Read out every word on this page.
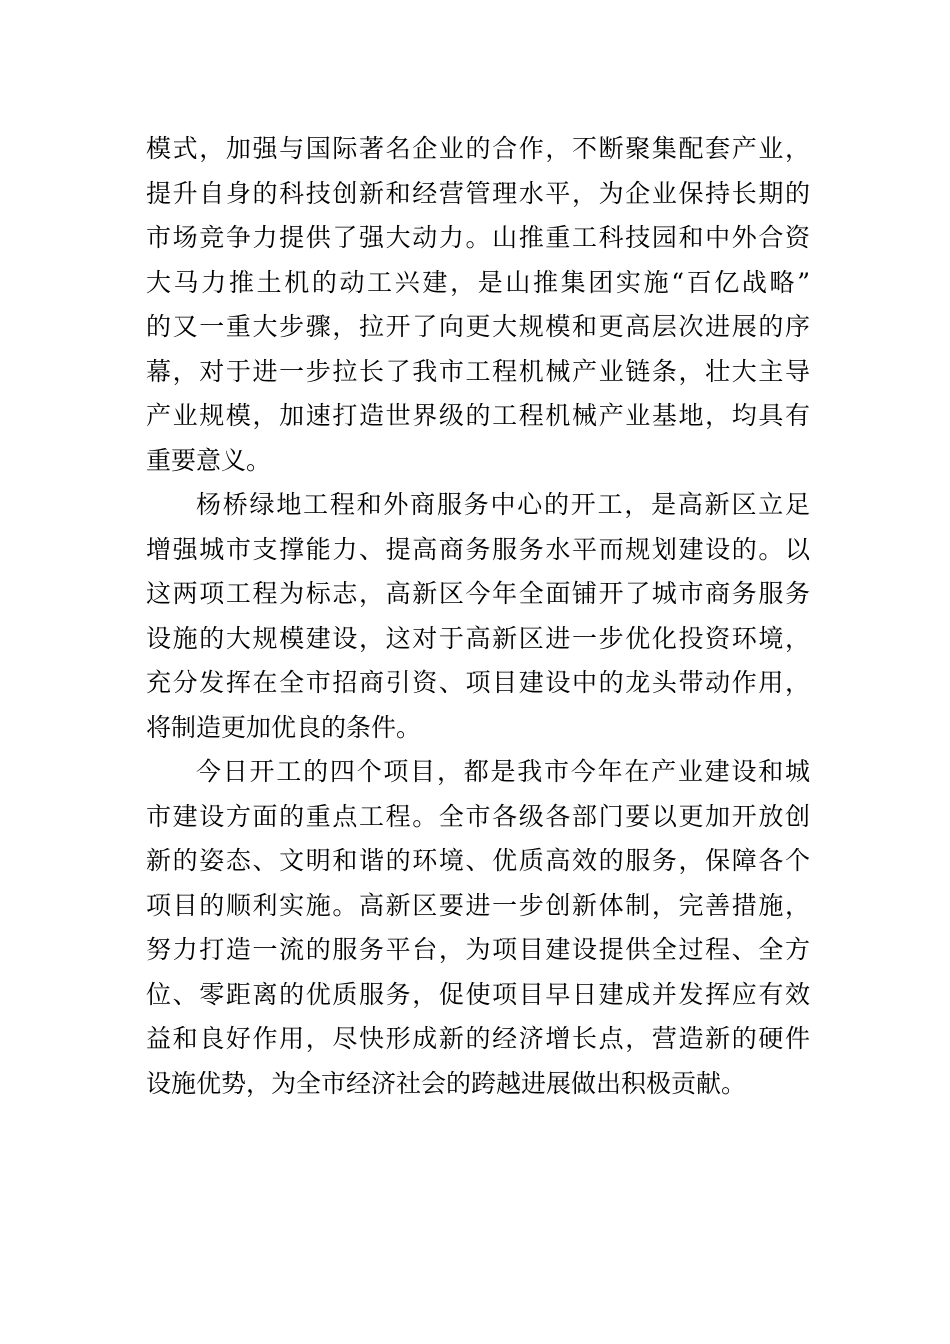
模式，加强与国际著名企业的合作，不断聚集配套产业，
提升自身的科技创新和经营管理水平，为企业保持长期的
市场竞争力提供了强大动力。山推重工科技园和中外合资
大马力推土机的动工兴建，是山推集团实施“百亿战略”
的又一重大步骤，拉开了向更大规模和更高层次进展的序
幕，对于进一步拉长了我市工程机械产业链条，壮大主导
产业规模，加速打造世界级的工程机械产业基地，均具有
重要意义。
杨桥绿地工程和外商服务中心的开工，是高新区立足
增强城市支撑能力、提高商务服务水平而规划建设的。以
这两项工程为标志，高新区今年全面铺开了城市商务服务
设施的大规模建设，这对于高新区进一步优化投资环境，
充分发挥在全市招商引资、项目建设中的龙头带动作用，
将制造更加优良的条件。
今日开工的四个项目，都是我市今年在产业建设和城
市建设方面的重点工程。全市各级各部门要以更加开放创
新的姿态、文明和谐的环境、优质高效的服务，保障各个
项目的顺利实施。高新区要进一步创新体制，完善措施，
努力打造一流的服务平台，为项目建设提供全过程、全方
位、零距离的优质服务，促使项目早日建成并发挥应有效
益和良好作用，尽快形成新的经济增长点，营造新的硬件
设施优势，为全市经济社会的跨越进展做出积极贡献。
